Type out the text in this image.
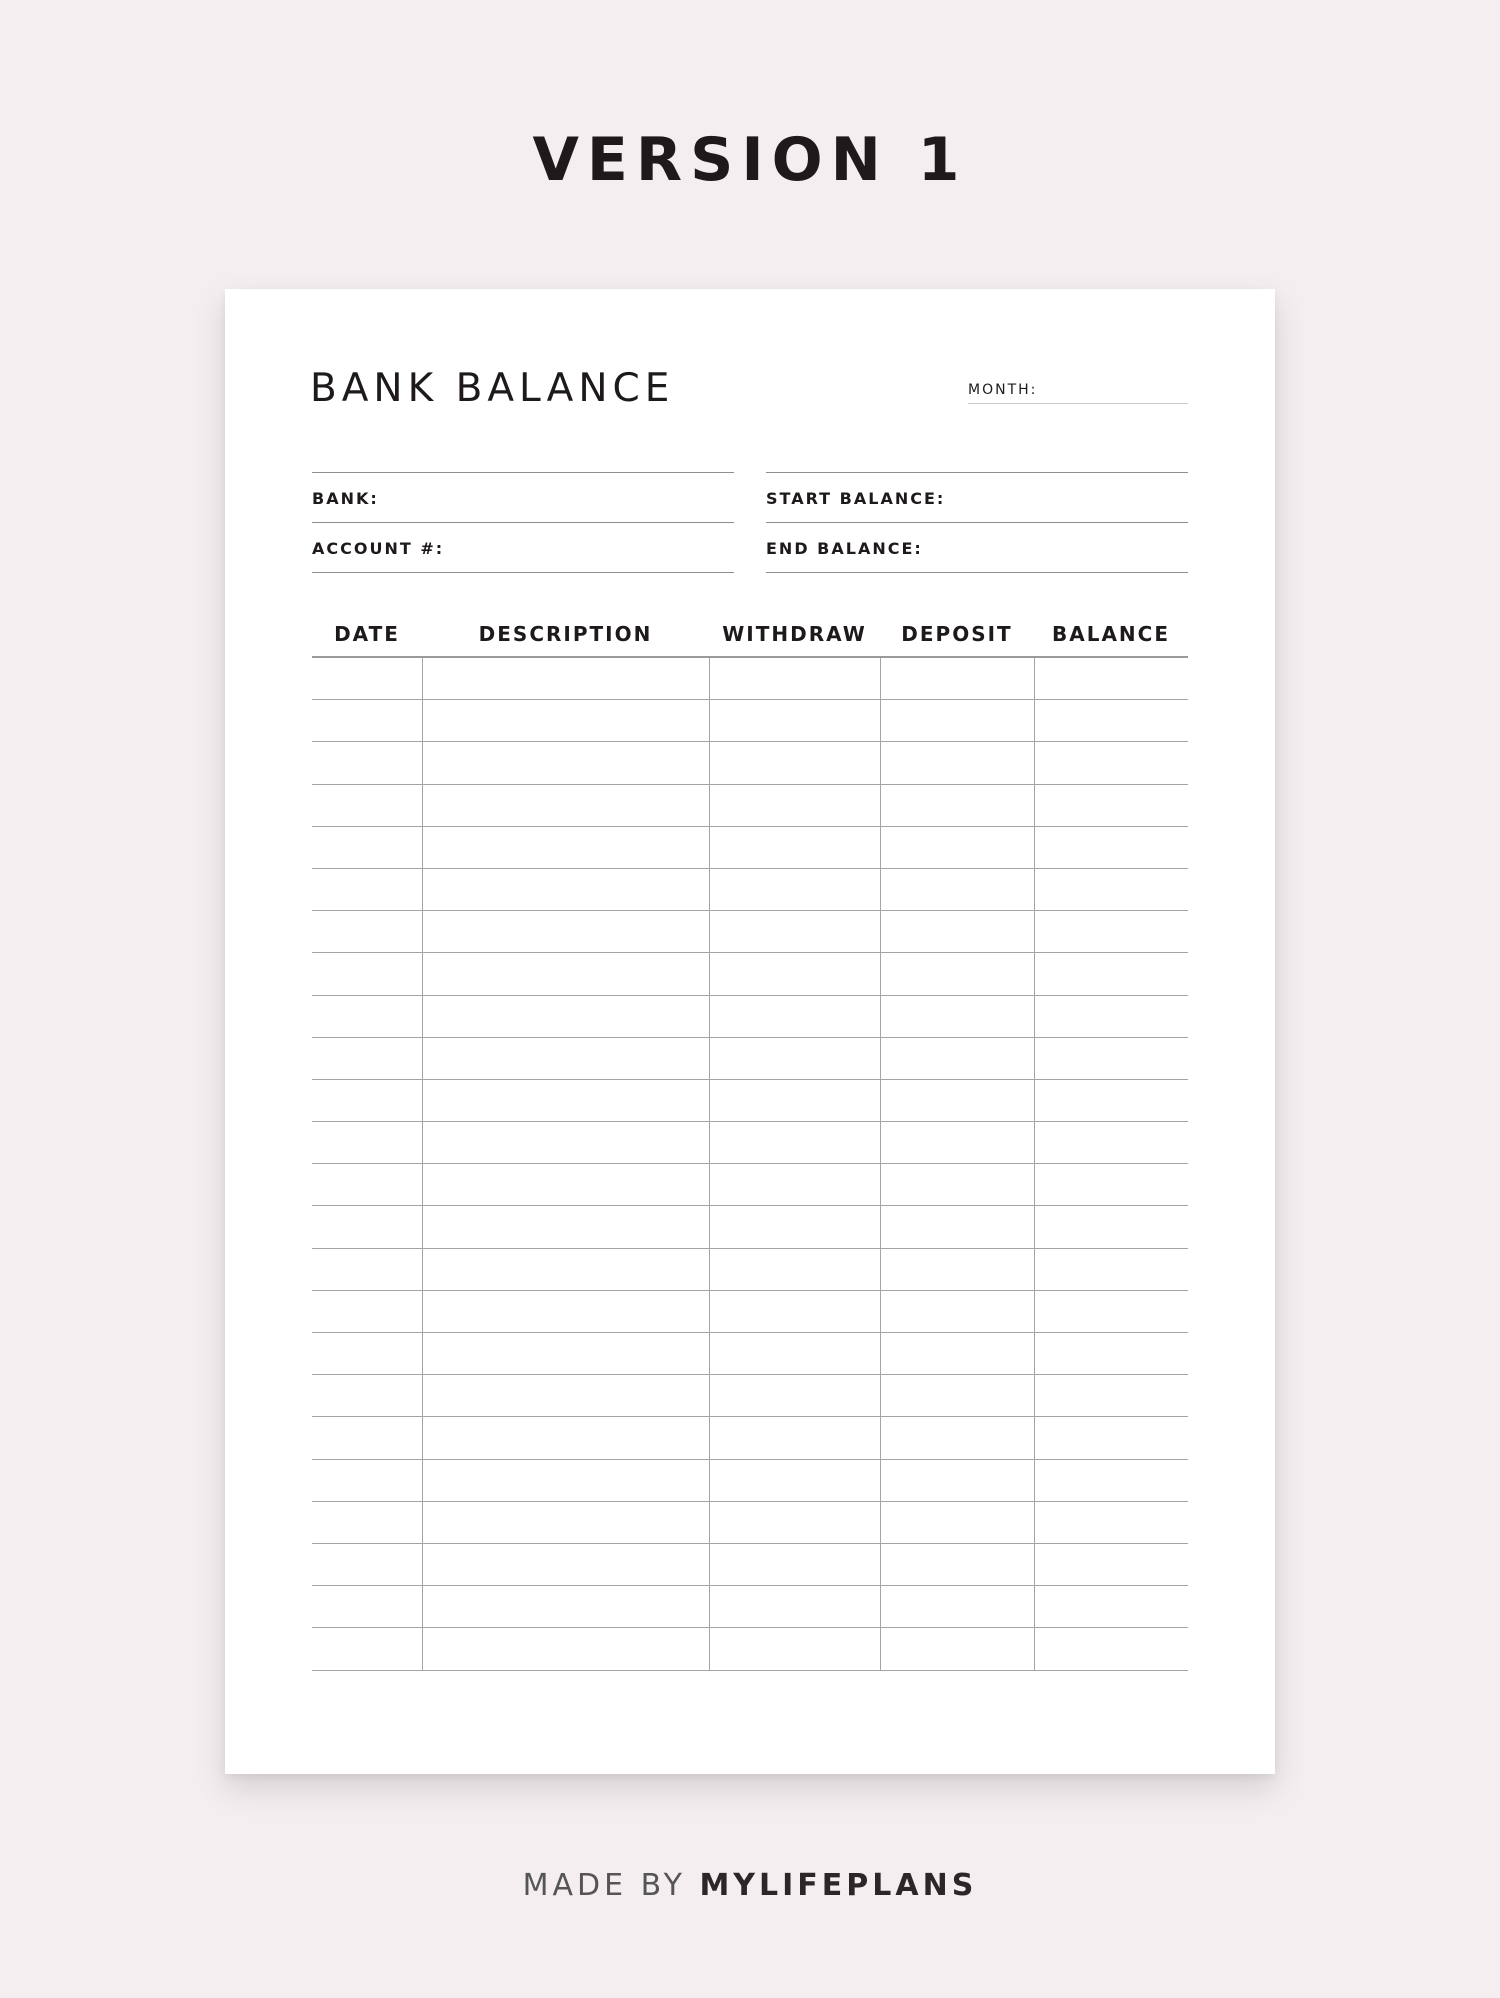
VERSION 1
BANK BALANCE	MONTH:
BANK:
ACCOUNT #:
START BALANCE:
END BALANCE:
DATE	DESCRIPTION	WITHDRAW	DEPOSIT	BALANCE

MADE BY MYLIFEPLANS
